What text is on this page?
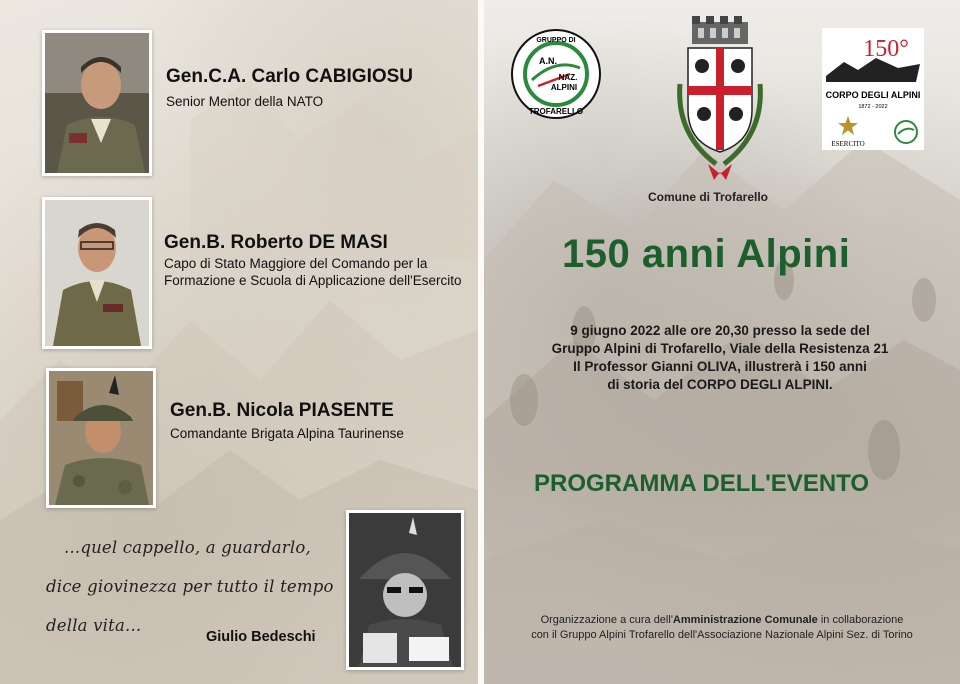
Gen.C.A. Carlo CABIGIOSU
Senior Mentor della NATO
Gen.B. Roberto DE MASI
Capo di Stato Maggiore del Comando per la Formazione e Scuola di Applicazione dell'Esercito
Gen.B. Nicola PIASENTE
Comandante Brigata Alpina Taurinense
...quel cappello, a guardarlo,
dice giovinezza per tutto il tempo
della vita...
Giulio Bedeschi
GRUPPO DI
TROFARELLO
A.N.
NAZ.
ALPINI
Comune di Trofarello
150°
CORPO DEGLI ALPINI
1872 - 2022
ESERCITO
150 anni Alpini
9 giugno 2022 alle ore 20,30 presso la sede del
Gruppo Alpini di Trofarello, Viale della Resistenza 21
Il Professor Gianni OLIVA, illustrerà i 150 anni
di storia del CORPO DEGLI ALPINI.
PROGRAMMA DELL'EVENTO
Organizzazione a cura dell'Amministrazione Comunale in collaborazione
con il Gruppo Alpini Trofarello dell'Associazione Nazionale Alpini Sez. di Torino
